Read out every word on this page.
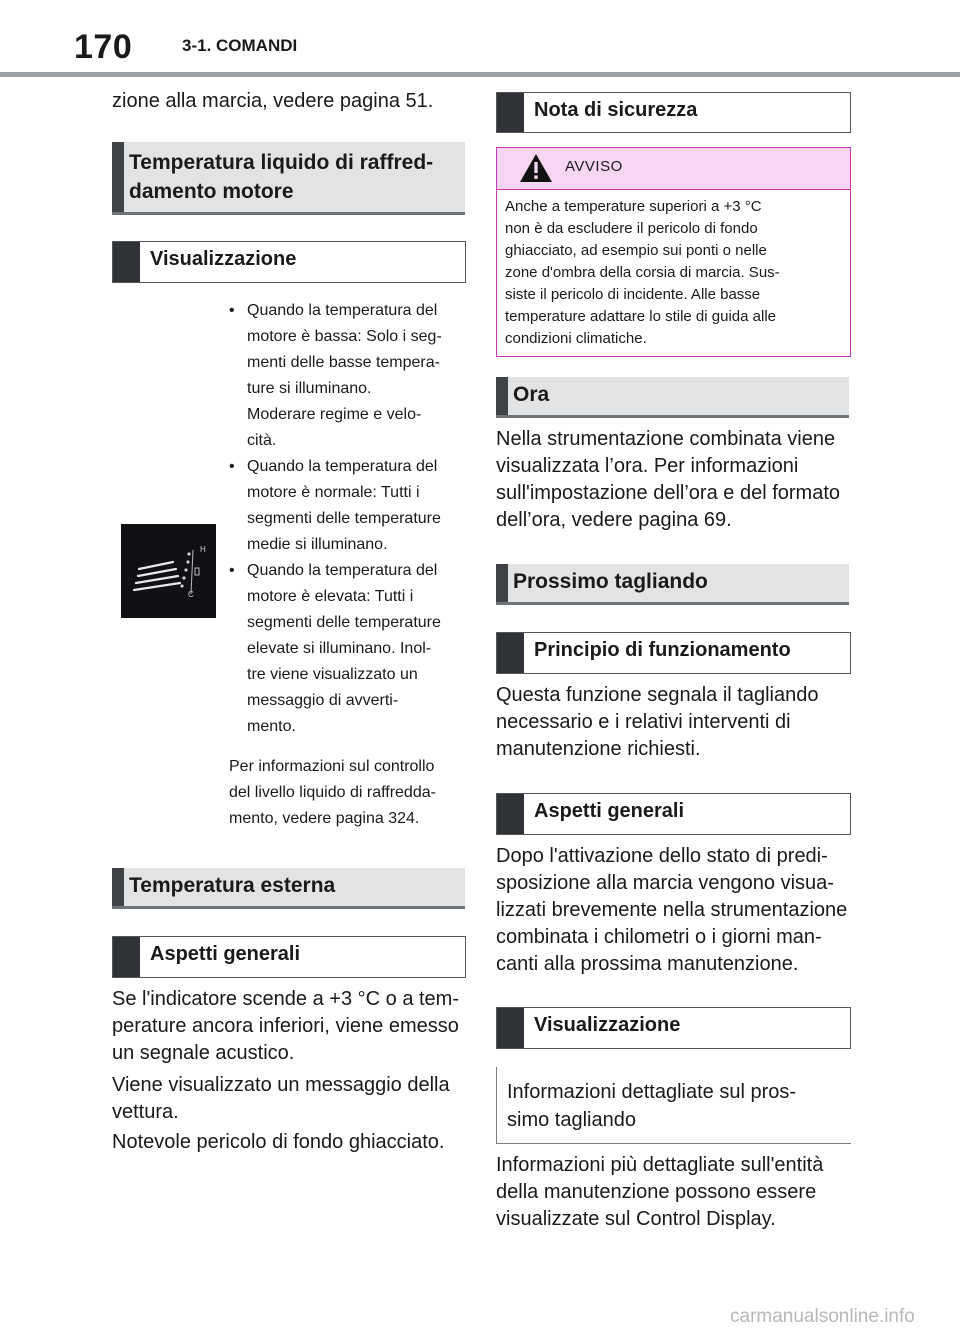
170	3-1. COMANDI
zione alla marcia, vedere pagina 51.
Temperatura liquido di raffred-
damento motore
Visualizzazione
H
C
• Quando la temperatura del
motore è bassa: Solo i seg-
menti delle basse tempera-
ture si illuminano.
Moderare regime e velo-
cità.
• Quando la temperatura del
motore è normale: Tutti i
segmenti delle temperature
medie si illuminano.
• Quando la temperatura del
motore è elevata: Tutti i
segmenti delle temperature
elevate si illuminano. Inol-
tre viene visualizzato un
messaggio di avverti-
mento.
Per informazioni sul controllo
del livello liquido di raffredda-
mento, vedere pagina 324.
Temperatura esterna
Aspetti generali
Se l'indicatore scende a +3 °C o a tem-
perature ancora inferiori, viene emesso
un segnale acustico.
Viene visualizzato un messaggio della
vettura.
Notevole pericolo di fondo ghiacciato.
Nota di sicurezza
AVVISO
Anche a temperature superiori a +3 °C
non è da escludere il pericolo di fondo
ghiacciato, ad esempio sui ponti o nelle
zone d'ombra della corsia di marcia. Sus-
siste il pericolo di incidente. Alle basse
temperature adattare lo stile di guida alle
condizioni climatiche.
Ora
Nella strumentazione combinata viene
visualizzata l’ora. Per informazioni
sull'impostazione dell’ora e del formato
dell’ora, vedere pagina 69.
Prossimo tagliando
Principio di funzionamento
Questa funzione segnala il tagliando
necessario e i relativi interventi di
manutenzione richiesti.
Aspetti generali
Dopo l'attivazione dello stato di predi-
sposizione alla marcia vengono visua-
lizzati brevemente nella strumentazione
combinata i chilometri o i giorni man-
canti alla prossima manutenzione.
Visualizzazione
Informazioni dettagliate sul pros-
simo tagliando
Informazioni più dettagliate sull'entità
della manutenzione possono essere
visualizzate sul Control Display.
carmanualsonline.info
